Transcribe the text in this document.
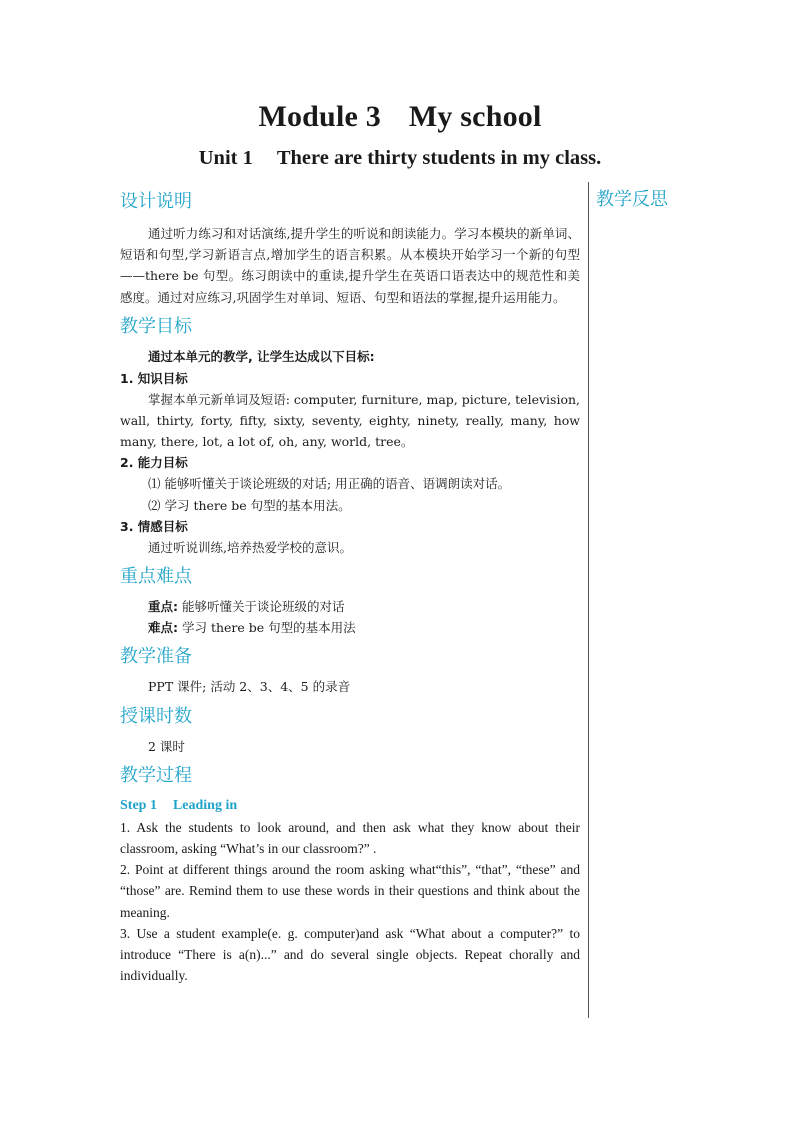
Module 3 My school
Unit 1 There are thirty students in my class.
教学反思
设计说明

通过听力练习和对话演练,提升学生的听说和朗读能力。学习本模块的新单词、短语和句型,学习新语言点,增加学生的语言积累。从本模块开始学习一个新的句型——there be 句型。练习朗读中的重读,提升学生在英语口语表达中的规范性和美感度。通过对应练习,巩固学生对单词、短语、句型和语法的掌握,提升运用能力。

教学目标
通过本单元的教学, 让学生达成以下目标:
1. 知识目标

掌握本单元新单词及短语: computer, furniture, map, picture, television, wall, thirty, forty, fifty, sixty, seventy, eighty, ninety, really, many, how many, there, lot, a lot of, oh, any, world, tree。

2. 能力目标

⑴ 能够听懂关于谈论班级的对话; 用正确的语音、语调朗读对话。

⑵ 学习 there be 句型的基本用法。

3. 情感目标

通过听说训练,培养热爱学校的意识。

重点难点

重点: 能够听懂关于谈论班级的对话

难点: 学习 there be 句型的基本用法

教学准备

PPT 课件; 活动 2、3、4、5 的录音

授课时数

2 课时

教学过程
Step 1 Leading in

1. Ask the students to look around, and then ask what they know about their classroom, asking “What’s in our classroom?” .

2. Point at different things around the room asking what“this”, “that”, “these” and “those” are. Remind them to use these words in their questions and think about the meaning.

3. Use a student example(e. g. computer)and ask “What about a computer?” to introduce “There is a(n)...” and do several single objects. Repeat chorally and individually.
